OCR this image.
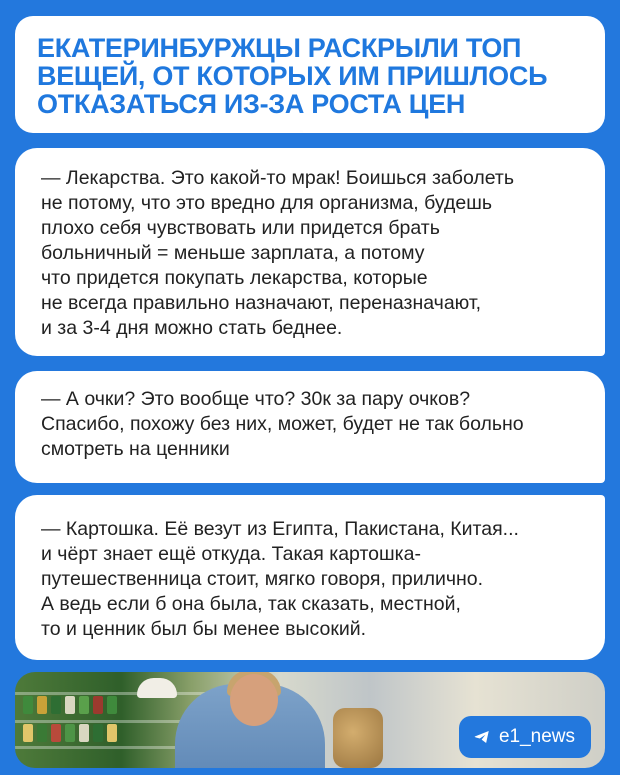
ЕКАТЕРИНБУРЖЦЫ РАСКРЫЛИ ТОП
ВЕЩЕЙ, ОТ КОТОРЫХ ИМ ПРИШЛОСЬ
ОТКАЗАТЬСЯ ИЗ-ЗА РОСТА ЦЕН
— Лекарства. Это какой-то мрак! Боишься заболеть
не потому, что это вредно для организма, будешь
плохо себя чувствовать или придется брать
больничный = меньше зарплата, а потому
что придется покупать лекарства, которые
не всегда правильно назначают, переназначают,
и за 3-4 дня можно стать беднее.
— А очки? Это вообще что? 30к за пару очков?
Спасибо, похожу без них, может, будет не так больно
смотреть на ценники
— Картошка. Её везут из Египта, Пакистана, Китая...
и чёрт знает ещё откуда. Такая картошка-
путешественница стоит, мягко говоря, прилично.
А ведь если б она была, так сказать, местной,
то и ценник был бы менее высокий.
e1_news
